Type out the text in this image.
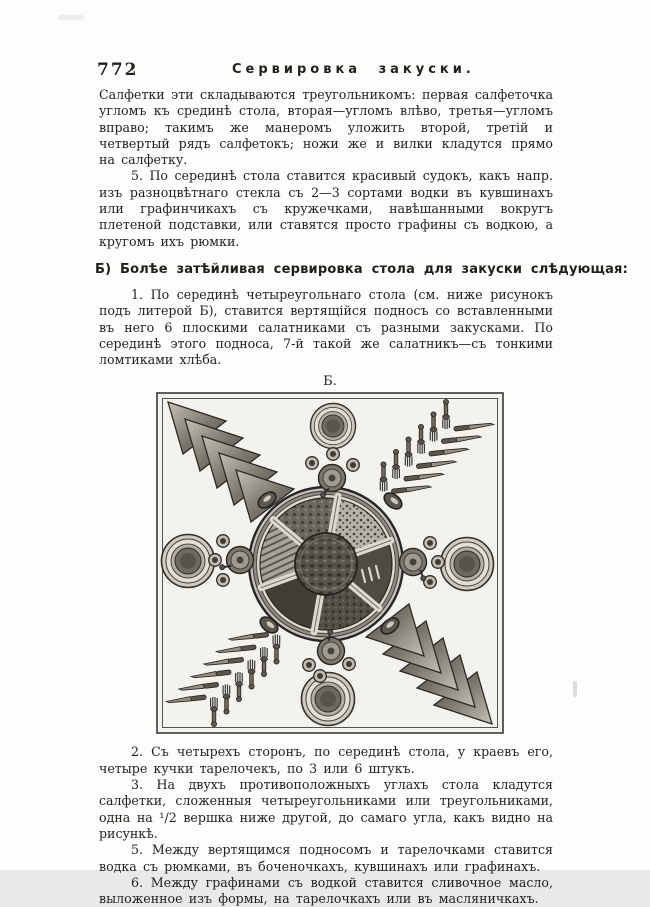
772	Сервировка закуски.

Салфетки эти складываются треугольникомъ: первая салфеточка угломъ къ срединѣ стола, вторая—угломъ влѣво, третья—угломъ вправо; такимъ же манеромъ уложить второй, третій и четвертый рядъ салфетокъ; ножи же и вилки кладутся прямо на салфетку.

5. По серединѣ стола ставится красивый судокъ, какъ напр. изъ разноцвѣтнаго стекла съ 2—3 сортами водки въ кувшинахъ или графинчикахъ съ кружечками, навѣшанными вокругъ плетеной подставки, или ставятся просто графины съ водкою, а кругомъ ихъ рюмки.

Б) Болѣе затѣйливая сервировка стола для закуски слѣдующая:

1. По серединѣ четыреугольнаго стола (см. ниже рисунокъ подъ литерой Б), ставится вертящійся подносъ со вставленными въ него 6 плоскими салатниками съ разными закусками. По серединѣ этого подноса, 7-й такой же салатникъ—съ тонкими ломтиками хлѣба.

Б.

2. Съ четырехъ сторонъ, по серединѣ стола, у краевъ его, четыре кучки тарелочекъ, по 3 или 6 штукъ.

3. На двухъ противоположныхъ углахъ стола кладутся салфетки, сложенныя четыреугольниками или треугольниками, одна на ¹/2 вершка ниже другой, до самаго угла, какъ видно на рисункѣ.

5. Между вертящимся подносомъ и тарелочками ставится водка съ рюмками, въ боченочкахъ, кувшинахъ или графинахъ.

6. Между графинами съ водкой ставится сливочное масло, выложенное изъ формы, на тарелочкахъ или въ масляничкахъ.
